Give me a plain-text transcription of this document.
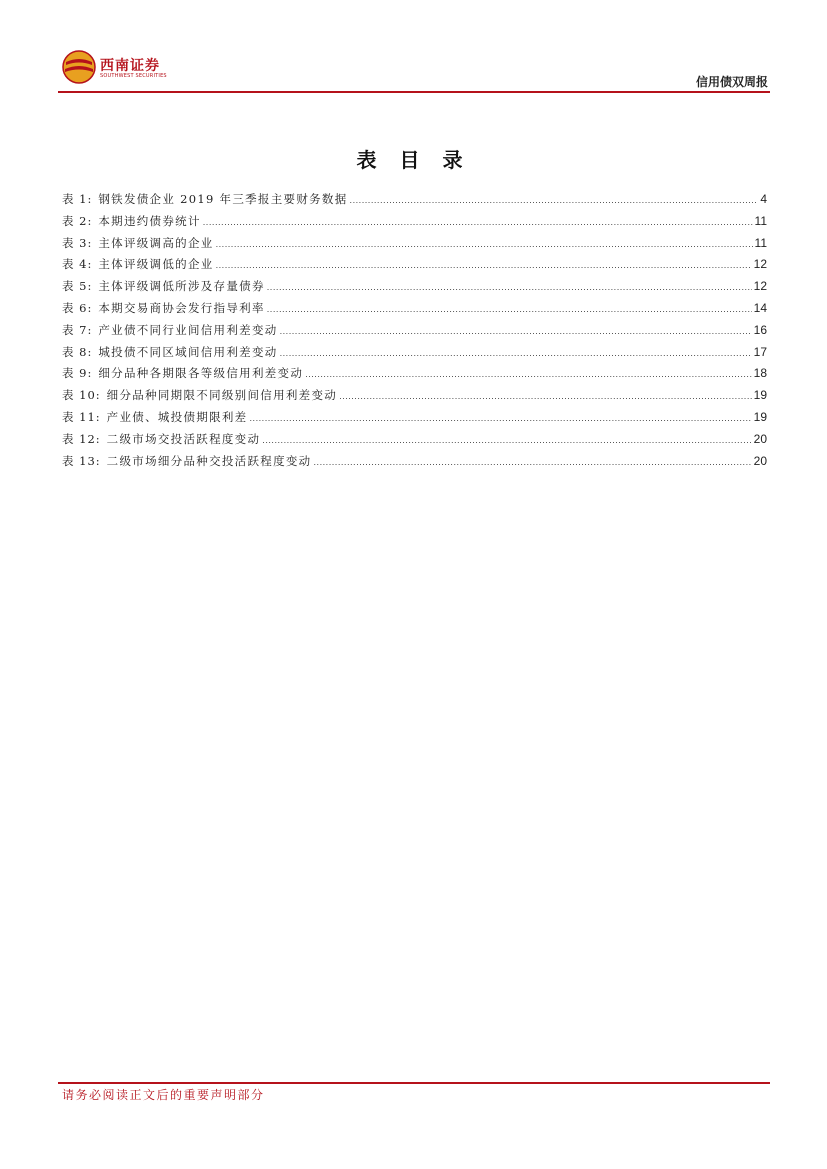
西南证券
SOUTHWEST SECURITIES	信用债双周报
表 目 录
表 1: 钢铁发债企业 2019 年三季报主要财务数据 .....	4
表 2: 本期违约债券统计 .....	11
表 3: 主体评级调高的企业 .....	11
表 4: 主体评级调低的企业 .....	12
表 5: 主体评级调低所涉及存量债券 .....	12
表 6: 本期交易商协会发行指导利率 .....	14
表 7: 产业债不同行业间信用利差变动 .....	16
表 8: 城投债不同区域间信用利差变动 .....	17
表 9: 细分品种各期限各等级信用利差变动 .....	18
表 10: 细分品种同期限不同级别间信用利差变动 .....	19
表 11: 产业债、城投债期限利差 .....	19
表 12: 二级市场交投活跃程度变动 .....	20
表 13: 二级市场细分品种交投活跃程度变动 .....	20
请务必阅读正文后的重要声明部分
